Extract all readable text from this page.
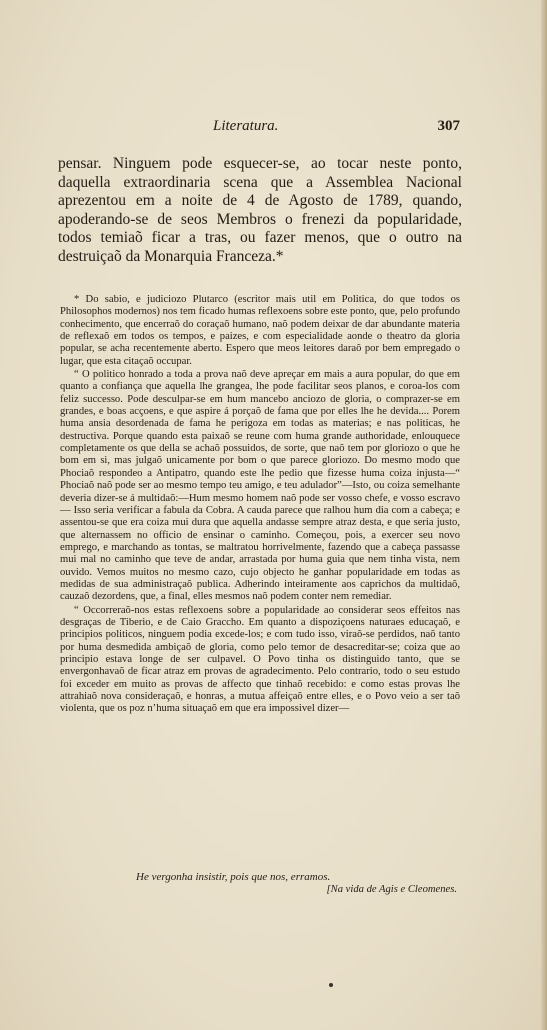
Literatura.	307

pensar. Ninguem pode esquecer-se, ao tocar neste ponto, daquella extraordinaria scena que a Assemblea Nacional aprezentou em a noite de 4 de Agosto de 1789, quando, apoderando-se de seos Membros o frenezi da popularidade, todos temiaõ ficar a tras, ou fazer menos, que o outro na destruiçaõ da Monarquia Franceza.*

* Do sabio, e judiciozo Plutarco (escritor mais util em Politica, do que todos os Philosophos modernos) nos tem ficado humas reflexoens sobre este ponto, que, pelo profundo conhecimento, que encerraõ do coraçaõ humano, naõ podem deixar de dar abundante materia de reflexaõ em todos os tempos, e paizes, e com especialidade aonde o theatro da gloria popular, se acha recentemente aberto. Espero que meos leitores daraõ por bem empregado o lugar, que esta citaçaõ occupar.

“ O politico honrado a toda a prova naõ deve apreçar em mais a aura popular, do que em quanto a confiança que aquella lhe grangea, lhe pode facilitar seos planos, e coroa-los com feliz successo. Pode desculpar-se em hum mancebo anciozo de gloria, o comprazer-se em grandes, e boas acçoens, e que aspire á porçaõ de fama que por elles lhe he devida.... Porem huma ansia desordenada de fama he perigoza em todas as materias; e nas politicas, he destructiva. Porque quando esta paixaõ se reune com huma grande authoridade, enlouquece completamente os que della se achaõ possuidos, de sorte, que naõ tem por gloriozo o que he bom em si, mas julgaõ unicamente por bom o que parece gloriozo. Do mesmo modo que Phociaõ respondeo a Antipatro, quando este lhe pedio que fizesse huma coiza injusta—“ Phociaõ naõ pode ser ao mesmo tempo teu amigo, e teu adulador”—Isto, ou coiza semelhante deveria dizer-se á multidaõ:—Hum mesmo homem naõ pode ser vosso chefe, e vosso escravo — Isso seria verificar a fabula da Cobra. A cauda parece que ralhou hum dia com a cabeça; e assentou-se que era coiza mui dura que aquella andasse sempre atraz desta, e que seria justo, que alternassem no officio de ensinar o caminho. Começou, pois, a exercer seu novo emprego, e marchando as tontas, se maltratou horrivelmente, fazendo que a cabeça passasse mui mal no caminho que teve de andar, arrastada por huma guia que nem tinha vista, nem ouvido. Vemos muitos no mesmo cazo, cujo objecto he ganhar popularidade em todas as medidas de sua administraçaõ publica. Adherindo inteiramente aos caprichos da multidaõ, cauzaõ dezordens, que, a final, elles mesmos naõ podem conter nem remediar.

“ Occorreraõ-nos estas reflexoens sobre a popularidade ao considerar seos effeitos nas desgraças de Tiberio, e de Caio Graccho. Em quanto a dispoziçoens naturaes educaçaõ, e principios politicos, ninguem podia excede-los; e com tudo isso, viraõ-se perdidos, naõ tanto por huma desmedida ambiçaõ de gloria, como pelo temor de desacreditar-se; coiza que ao principio estava longe de ser culpavel. O Povo tinha os distinguido tanto, que se envergonhavaõ de ficar atraz em provas de agradecimento. Pelo contrario, todo o seu estudo foi exceder em muito as provas de affecto que tinhaõ recebido: e como estas provas lhe attrahiaõ nova consideraçaõ, e honras, a mutua affeiçaõ entre elles, e o Povo veio a ser taõ violenta, que os poz n’huma situaçaõ em que era impossivel dizer—

He vergonha insistir, pois que nos, erramos.
[Na vida de Agis e Cleomenes.
